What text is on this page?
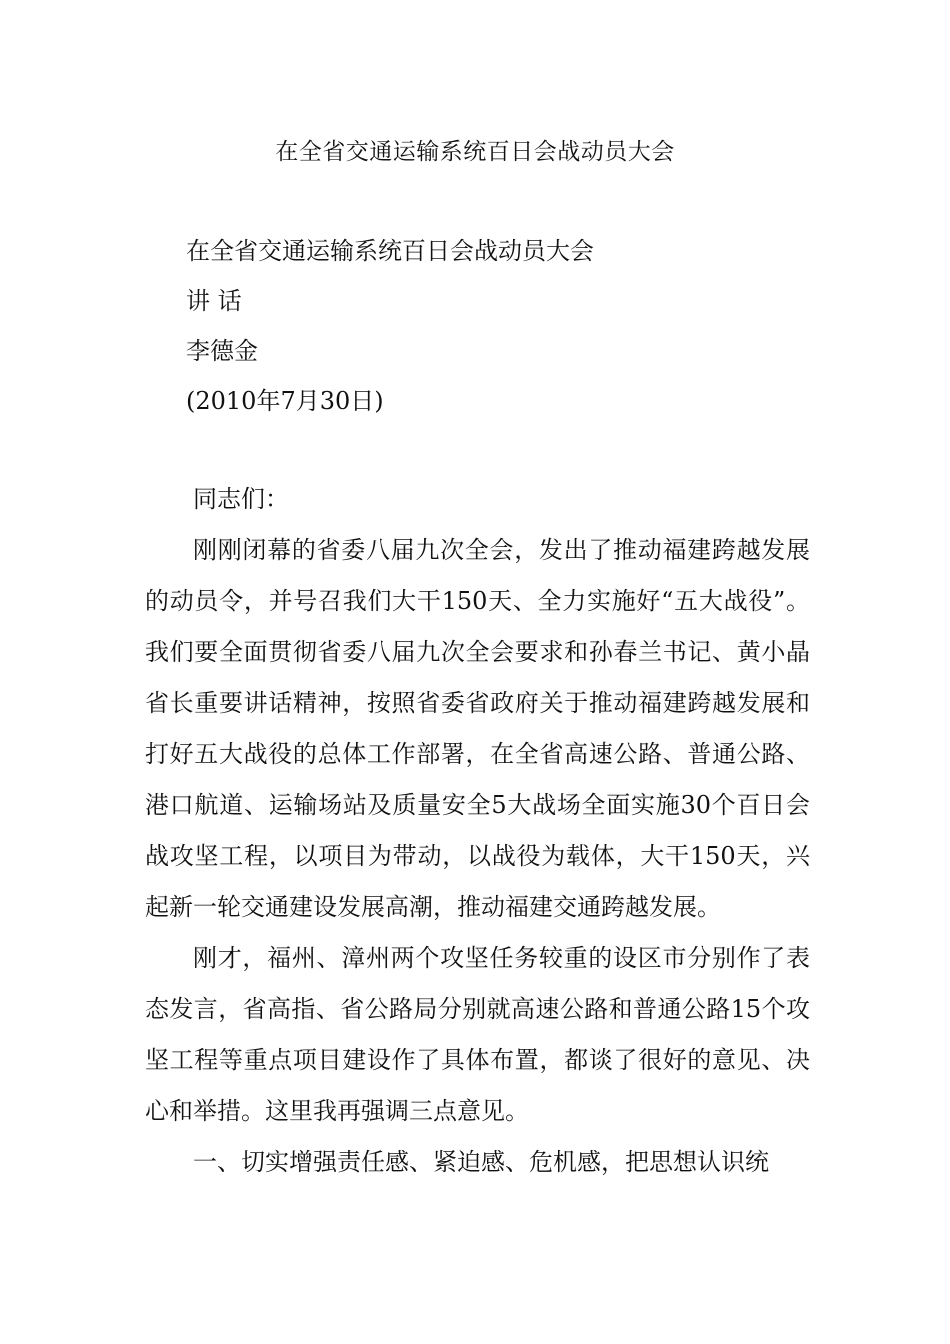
在全省交通运输系统百日会战动员大会
在全省交通运输系统百日会战动员大会
讲 话
李德金
(2010年7月30日)

同志们：

刚刚闭幕的省委八届九次全会，发出了推动福建跨越发展的动员令，并号召我们大干150天、全力实施好“五大战役”。我们要全面贯彻省委八届九次全会要求和孙春兰书记、黄小晶省长重要讲话精神，按照省委省政府关于推动福建跨越发展和打好五大战役的总体工作部署，在全省高速公路、普通公路、港口航道、运输场站及质量安全5大战场全面实施30个百日会战攻坚工程，以项目为带动，以战役为载体，大干150天，兴起新一轮交通建设发展高潮，推动福建交通跨越发展。

刚才，福州、漳州两个攻坚任务较重的设区市分别作了表态发言，省高指、省公路局分别就高速公路和普通公路15个攻坚工程等重点项目建设作了具体布置，都谈了很好的意见、决心和举措。这里我再强调三点意见。

一、切实增强责任感、紧迫感、危机感，把思想认识统
